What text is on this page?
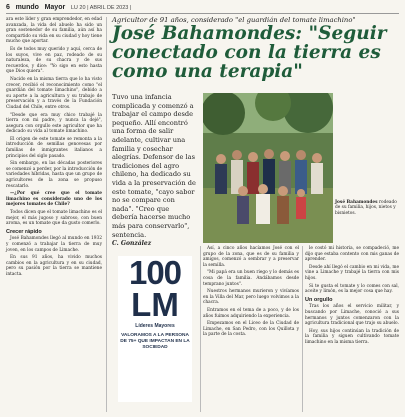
6 mundo Mayor LU 20 | ABRIL DE 2023 |

ara este líder y gran emprendedor, en edad avanzada, la vida del abuelo ha sido un gran sostenedor de su familia, aún así ha compartido su vida en su ciudad y hoy tiene mucho que aportar.

Es de todos muy querido y aquí, cerca de los suyos, vive en paz, rodeado de su naturaleza, de su chacra y de sus recuerdos, y dice: "Yo sigo en esto hasta que Dios quiera".

Nacido en la misma tierra que lo ha visto crecer, recibió el reconocimiento como "el guardián del tomate limachino", debido a su aporte a la agricultura y su trabajo de preservación y a través de la Fundación Ciudad del Chile, entre otros.

"Desde que era muy chico trabajé la tierra con mi padre, y nunca la dejé", asegura con orgullo este agricultor que ha dedicado su vida al tomate limachino.

El origen de este tomate se remonta a la introducción de semillas genovesas por familias de inmigrantes italianos a principios del siglo pasado.

Sin embargo, en las décadas posteriores se comenzó a perder, por la introducción de variedades híbridas, hasta que un grupo de agricultores de la zona se propuso rescatarlo.

—¿Por qué cree que el tomate limachino es considerado uno de los mejores tomates de Chile?

Todos dicen que el tomate limachino es el mejor, el más jugoso y sabroso, con buen aroma, es un tomate que da gusto comerlo.

Crecer rápido

José Bahamondes llegó al mundo en 1932 y comenzó a trabajar la tierra de muy joven, en los campos de Limache.

En sus 91 años, ha vivido muchos cambios en la agricultura y en su ciudad, pero su pasión por la tierra se mantiene intacta.

Agricultor de 91 años, considerado "el guardián del tomate limachino"
José Bahamondes: "Seguir conectado con la tierra es como una terapia"
Tuvo una infancia complicada y comenzó a trabajar el campo desde pequeño. Allí encontró una forma de salir adelante, cultivar una familia y cosechar alegrías. Defensor de las tradiciones del agro chileno, ha dedicado su vida a la preservación de este tomate, "cayo sabor no se compare con nada". "Creo que debería hacerse mucho más para conservarlo", sentencia.
C. González
100
LM
Líderes Mayores
VALORAMOS A LA PERSONA DE 75+ QUE IMPACTAN EN LA SOCIEDAD
José Bahamondes rodeado de su familia, hijos, nietos y bisnietos.

Así, a cinco años hacíamos José con el grupo de la zona, que es de su familia y amigos, comenzó a sembrar y a preservar la semilla.

"Mi papá era un buen riego y lo demás es cosa de la familia. Andábamos desde temprano juntos".

Nuestros hermanos murieron y vivíamos en la Villa del Mar, pero luego volvimos a la chacra.

Entramos en el tema de a poco, y de los años fuimos adquiriendo la experiencia.

Empezamos en el Liceo de la Ciudad de Limache, en San Pedro, con los Quillota y la parte de la costa.

le costó mi historia, se compadeció, me dijo que estaba contento con mis ganas de aprender.

Desde ahí llegó el cambio en mi vida, me vine a Limache y trabajé la tierra con mis hijos.

Si te gusta el tomate y lo comes con sal, aceite y limón, es la mejor cosa que hay.

Un orgullo

Tras los años el servicio militar, y buscando por Limache, conoció a sus hermanos y juntos comenzaron con la agricultura tradicional que trajo su abuelo.

Hoy, sus hijos continúan la tradición de la familia y siguen cultivando tomate limachino en la misma tierra.
